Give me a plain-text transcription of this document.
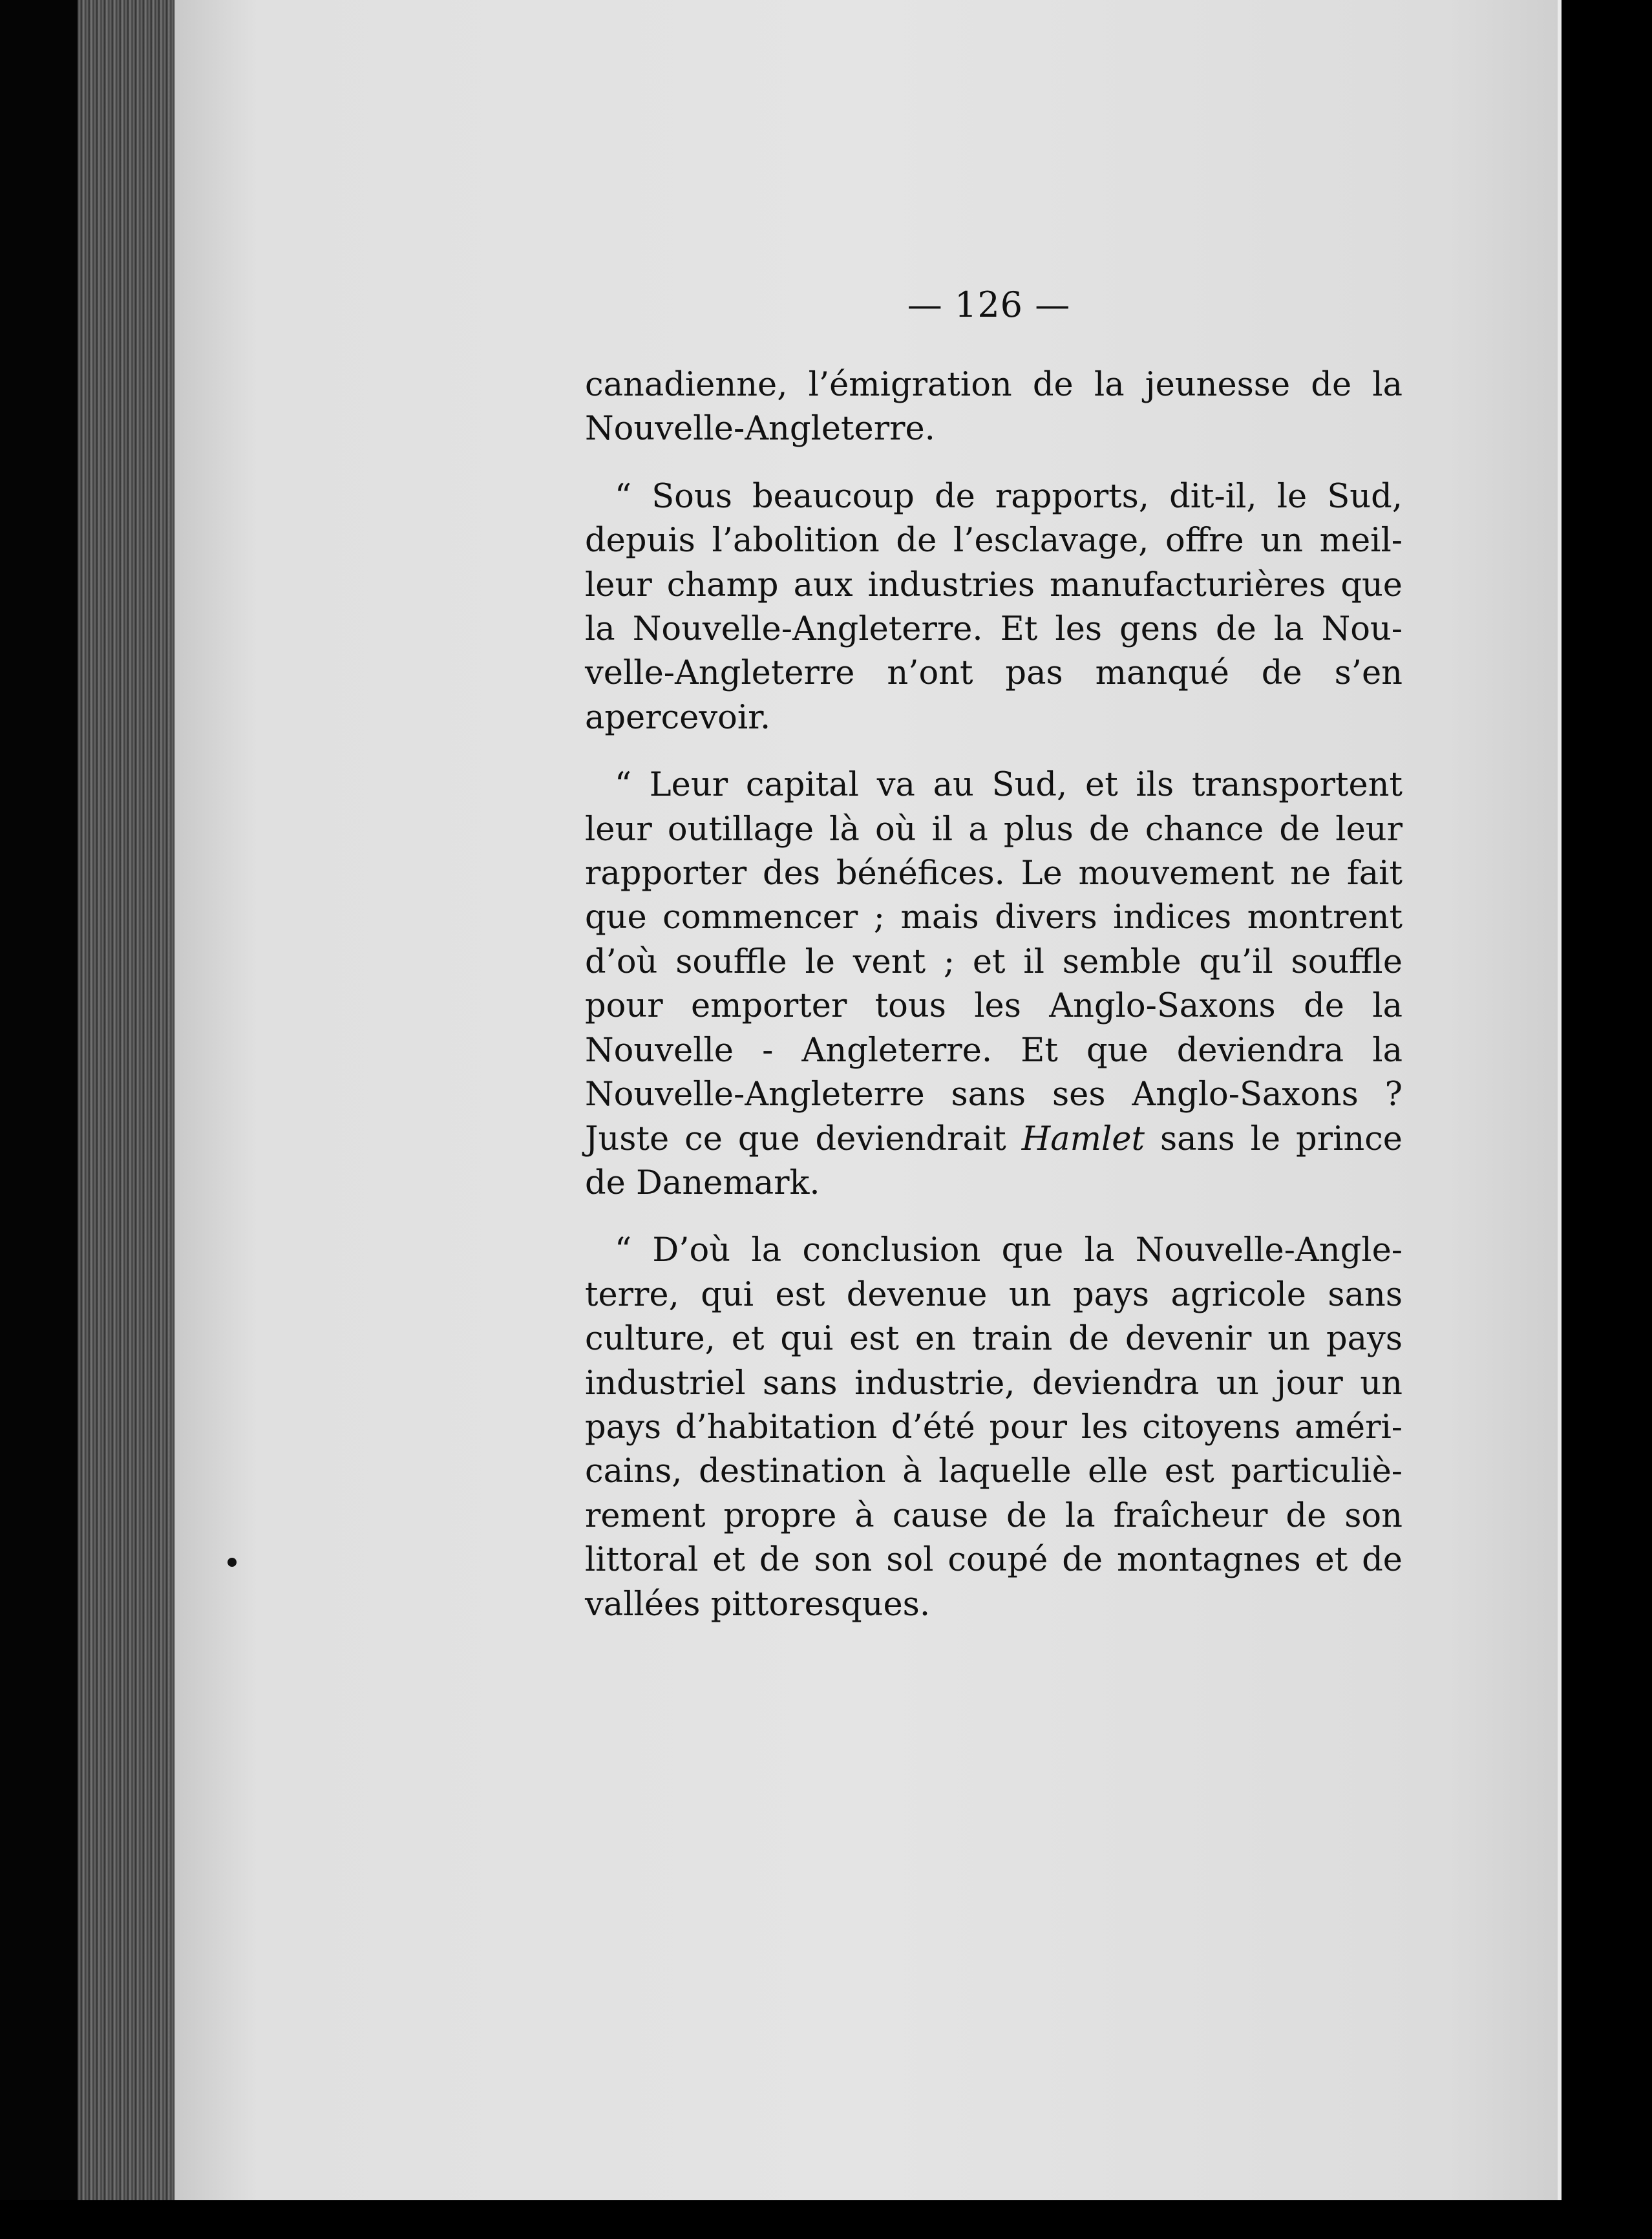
— 126 —

canadienne, l’émigration de la jeunesse de la
Nouvelle-Angleterre.

“ Sous beaucoup de rapports, dit-il, le Sud,
depuis l’abolition de l’esclavage, offre un meil-
leur champ aux industries manufacturières que
la Nouvelle-Angleterre. Et les gens de la Nou-
velle-Angleterre n’ont pas manqué de s’en
apercevoir.

“ Leur capital va au Sud, et ils transportent
leur outillage là où il a plus de chance de leur
rapporter des bénéfices. Le mouvement ne fait
que commencer ; mais divers indices montrent
d’où souffle le vent ; et il semble qu’il souffle
pour emporter tous les Anglo-Saxons de la
Nouvelle - Angleterre. Et que deviendra la
Nouvelle-Angleterre sans ses Anglo-Saxons ?
Juste ce que deviendrait Hamlet sans le prince
de Danemark.

“ D’où la conclusion que la Nouvelle-Angle-
terre, qui est devenue un pays agricole sans
culture, et qui est en train de devenir un pays
industriel sans industrie, deviendra un jour un
pays d’habitation d’été pour les citoyens améri-
cains, destination à laquelle elle est particuliè-
rement propre à cause de la fraîcheur de son
littoral et de son sol coupé de montagnes et de
vallées pittoresques.
